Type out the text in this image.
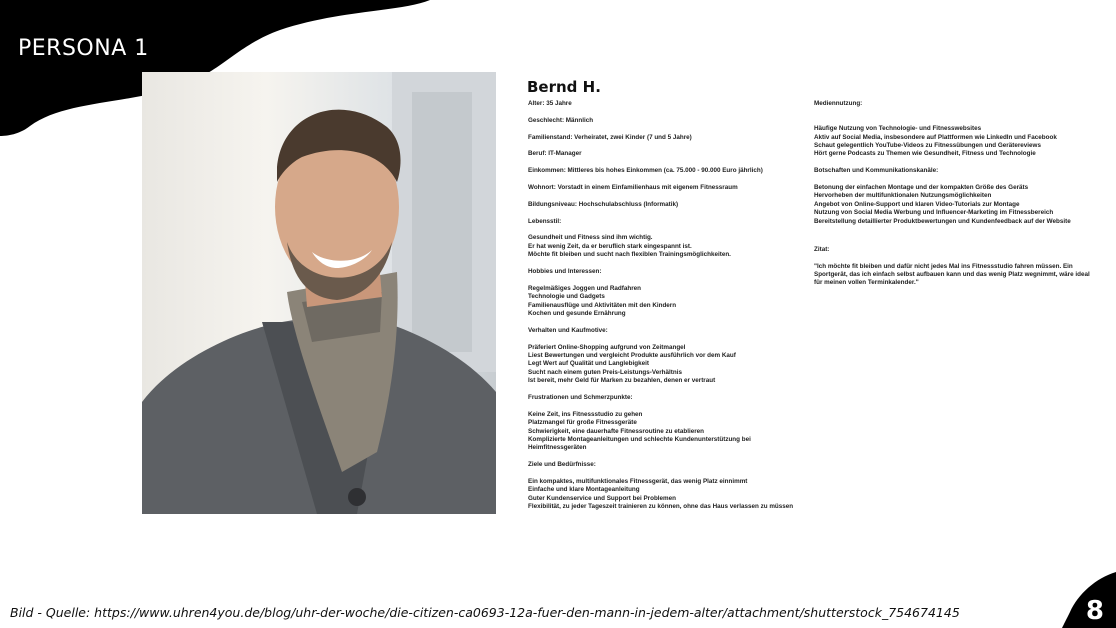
PERSONA 1
Bernd H.

Alter: 35 Jahre

Geschlecht: Männlich

Familienstand: Verheiratet, zwei Kinder (7 und 5 Jahre)

Beruf: IT-Manager

Einkommen: Mittleres bis hohes Einkommen (ca. 75.000 - 90.000 Euro jährlich)

Wohnort: Vorstadt in einem Einfamilienhaus mit eigenem Fitnessraum

Bildungsniveau: Hochschulabschluss (Informatik)

Lebensstil:

Gesundheit und Fitness sind ihm wichtig.
Er hat wenig Zeit, da er beruflich stark eingespannt ist.
Möchte fit bleiben und sucht nach flexiblen Trainingsmöglichkeiten.

Hobbies und Interessen:

Regelmäßiges Joggen und Radfahren
Technologie und Gadgets
Familienausflüge und Aktivitäten mit den Kindern
Kochen und gesunde Ernährung

Verhalten und Kaufmotive:

Präferiert Online-Shopping aufgrund von Zeitmangel
Liest Bewertungen und vergleicht Produkte ausführlich vor dem Kauf
Legt Wert auf Qualität und Langlebigkeit
Sucht nach einem guten Preis-Leistungs-Verhältnis
Ist bereit, mehr Geld für Marken zu bezahlen, denen er vertraut

Frustrationen und Schmerzpunkte:

Keine Zeit, ins Fitnessstudio zu gehen
Platzmangel für große Fitnessgeräte
Schwierigkeit, eine dauerhafte Fitnessroutine zu etablieren
Komplizierte Montageanleitungen und schlechte Kundenunterstützung bei
Heimfitnessgeräten

Ziele und Bedürfnisse:

Ein kompaktes, multifunktionales Fitnessgerät, das wenig Platz einnimmt
Einfache und klare Montageanleitung
Guter Kundenservice und Support bei Problemen
Flexibilität, zu jeder Tageszeit trainieren zu können, ohne das Haus verlassen zu müssen

Mediennutzung:

Häufige Nutzung von Technologie- und Fitnesswebsites
Aktiv auf Social Media, insbesondere auf Plattformen wie LinkedIn und Facebook
Schaut gelegentlich YouTube-Videos zu Fitnessübungen und Gerätereviews
Hört gerne Podcasts zu Themen wie Gesundheit, Fitness und Technologie

Botschaften und Kommunikationskanäle:

Betonung der einfachen Montage und der kompakten Größe des Geräts
Hervorheben der multifunktionalen Nutzungsmöglichkeiten
Angebot von Online-Support und klaren Video-Tutorials zur Montage
Nutzung von Social Media Werbung und Influencer-Marketing im Fitnessbereich
Bereitstellung detaillierter Produktbewertungen und Kundenfeedback auf der Website

Zitat:

"Ich möchte fit bleiben und dafür nicht jedes Mal ins Fitnessstudio fahren müssen. Ein
Sportgerät, das ich einfach selbst aufbauen kann und das wenig Platz wegnimmt, wäre ideal
für meinen vollen Terminkalender."
Bild - Quelle: https://www.uhren4you.de/blog/uhr-der-woche/die-citizen-ca0693-12a-fuer-den-mann-in-jedem-alter/attachment/shutterstock_754674145	8
